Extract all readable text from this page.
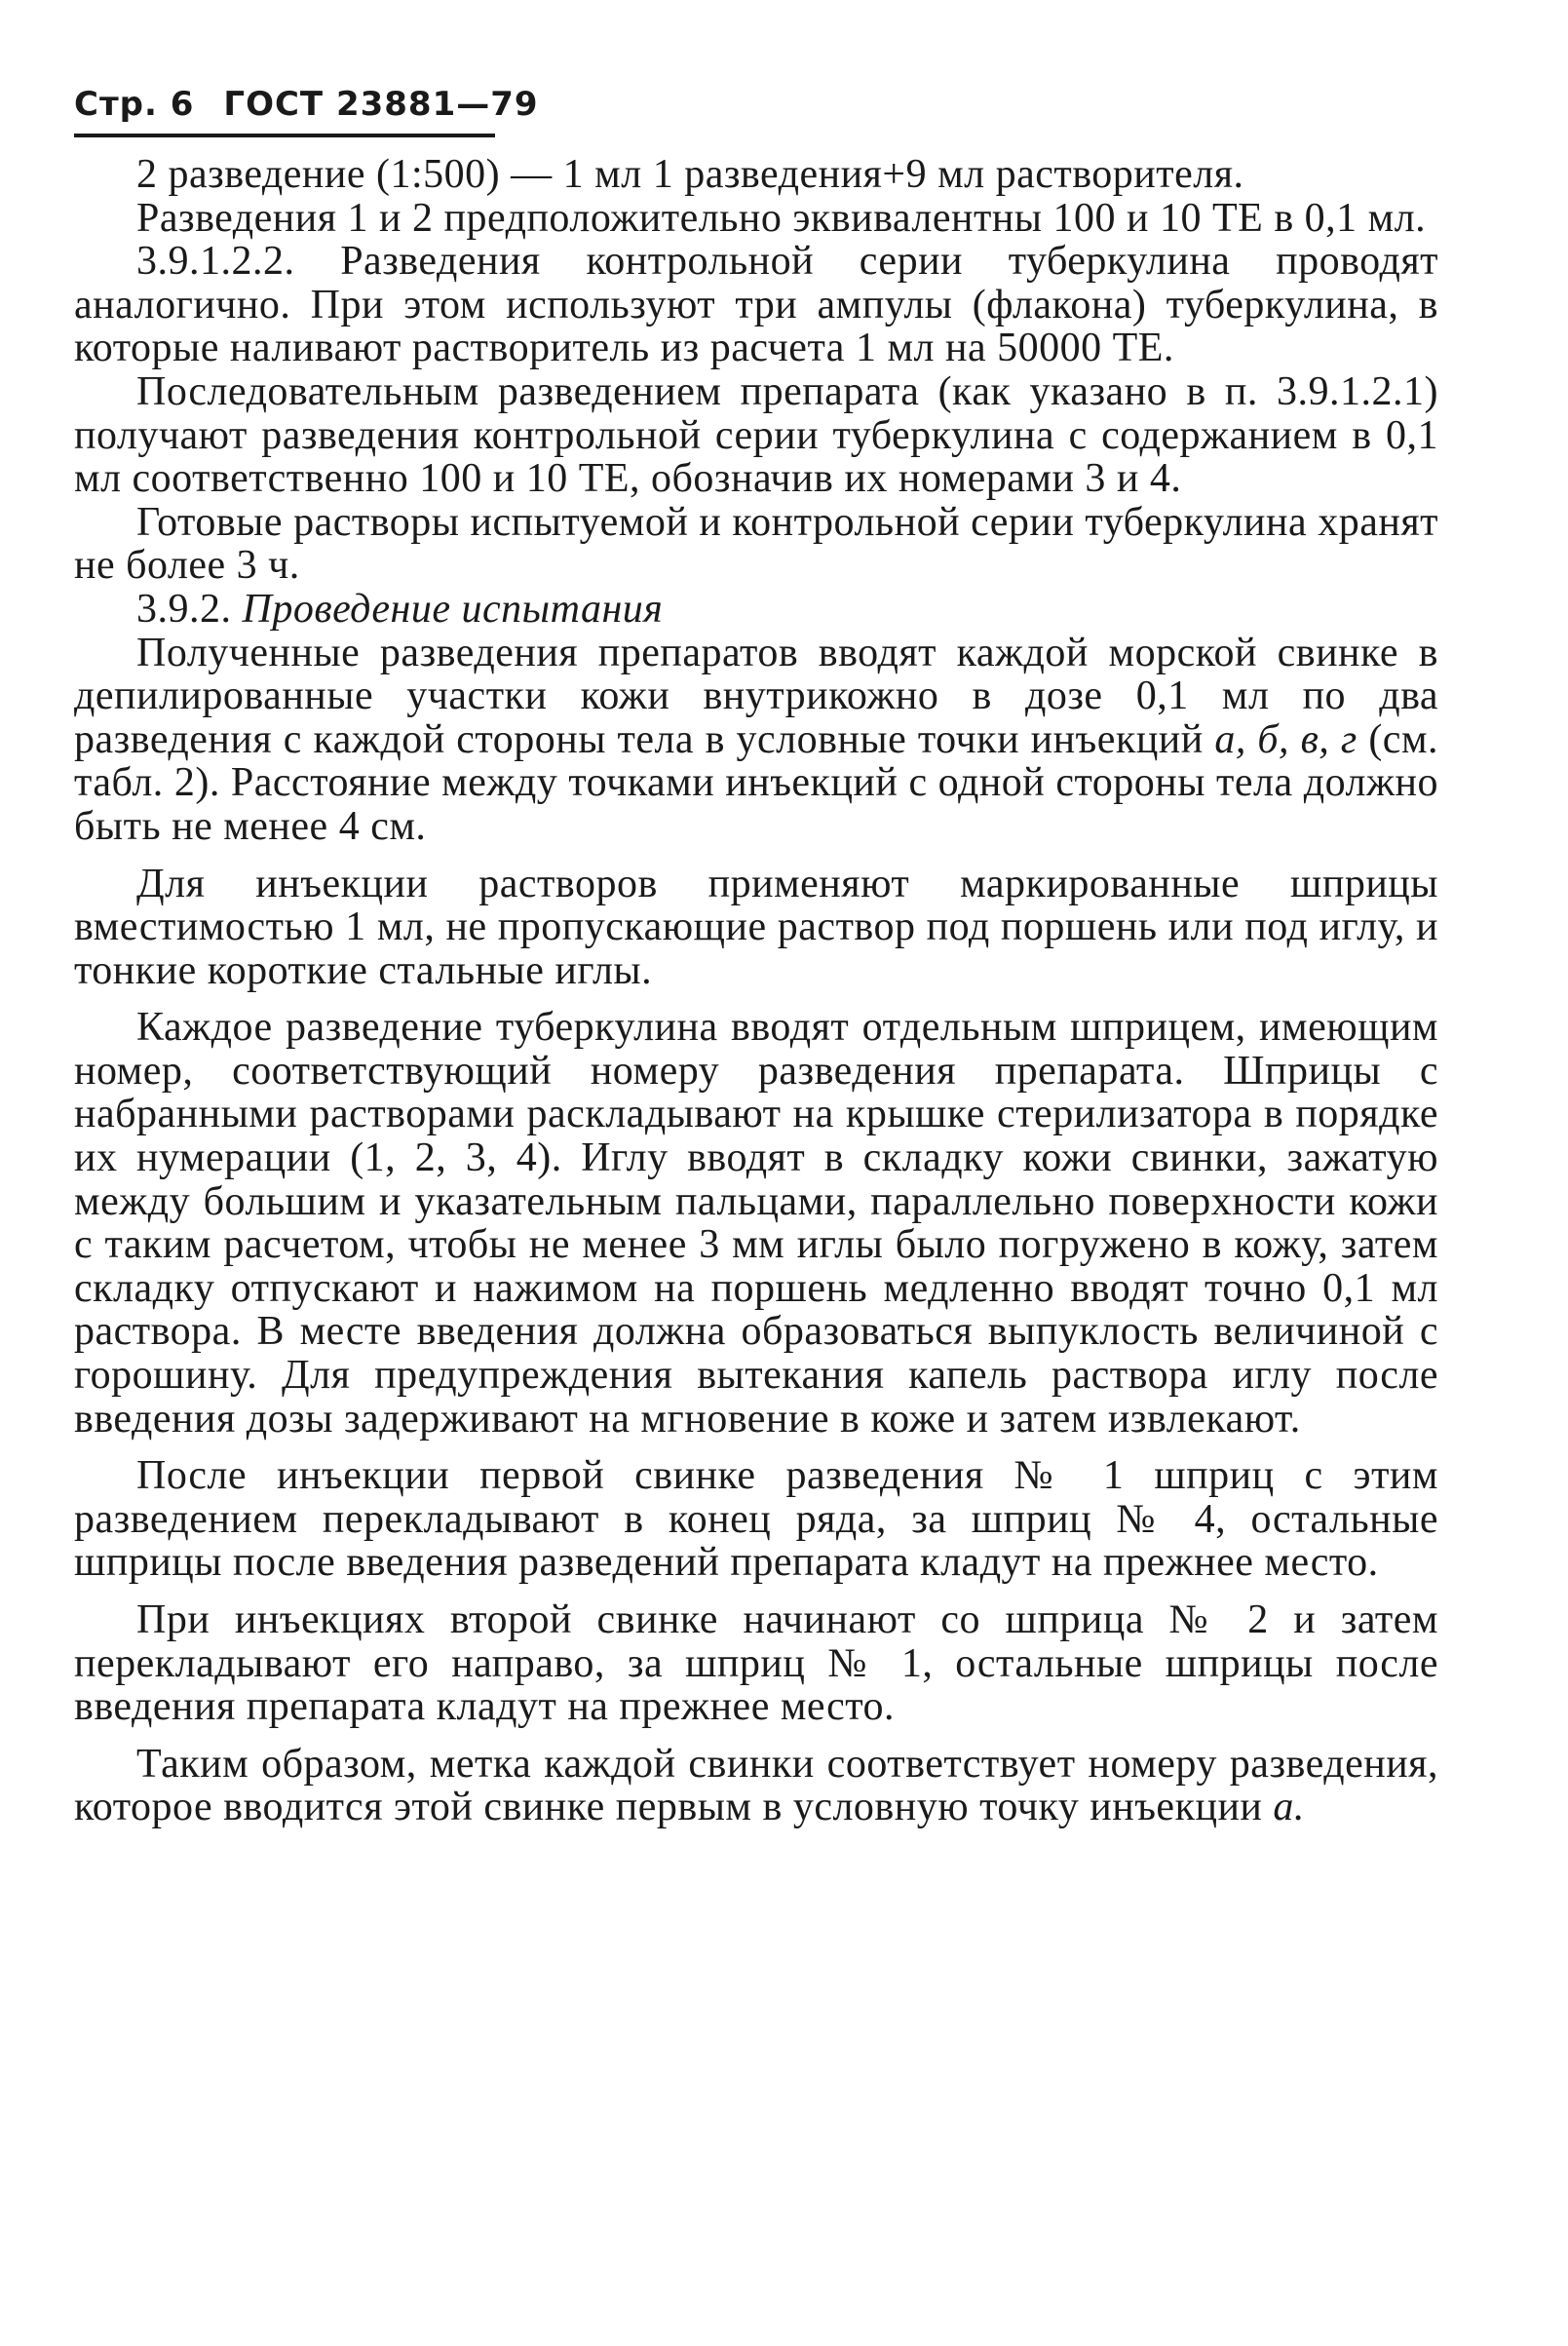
Стр. 6 ГОСТ 23881—79

2 разведение (1:500) — 1 мл 1 разведения+9 мл растворителя.

Разведения 1 и 2 предположительно эквивалентны 100 и 10 ТЕ в 0,1 мл.

3.9.1.2.2. Разведения контрольной серии туберкулина проводят аналогично. При этом используют три ампулы (флакона) туберкулина, в которые наливают растворитель из расчета 1 мл на 50000 ТЕ.

Последовательным разведением препарата (как указано в п. 3.9.1.2.1) получают разведения контрольной серии туберкулина с содержанием в 0,1 мл соответственно 100 и 10 ТЕ, обозначив их номерами 3 и 4.

Готовые растворы испытуемой и контрольной серии туберкулина хранят не более 3 ч.

3.9.2. Проведение испытания

Полученные разведения препаратов вводят каждой морской свинке в депилированные участки кожи внутрикожно в дозе 0,1 мл по два разведения с каждой стороны тела в условные точки инъекций а, б, в, г (см. табл. 2). Расстояние между точками инъекций с одной стороны тела должно быть не менее 4 см.

Для инъекции растворов применяют маркированные шприцы вместимостью 1 мл, не пропускающие раствор под поршень или под иглу, и тонкие короткие стальные иглы.

Каждое разведение туберкулина вводят отдельным шприцем, имеющим номер, соответствующий номеру разведения препарата. Шприцы с набранными растворами раскладывают на крышке стерилизатора в порядке их нумерации (1, 2, 3, 4). Иглу вводят в складку кожи свинки, зажатую между большим и указательным пальцами, параллельно поверхности кожи с таким расчетом, чтобы не менее 3 мм иглы было погружено в кожу, затем складку отпускают и нажимом на поршень медленно вводят точно 0,1 мл раствора. В месте введения должна образоваться выпуклость величиной с горошину. Для предупреждения вытекания капель раствора иглу после введения дозы задерживают на мгновение в коже и затем извлекают.

После инъекции первой свинке разведения № 1 шприц с этим разведением перекладывают в конец ряда, за шприц № 4, остальные шприцы после введения разведений препарата кладут на прежнее место.

При инъекциях второй свинке начинают со шприца № 2 и затем перекладывают его направо, за шприц № 1, остальные шприцы после введения препарата кладут на прежнее место.

Таким образом, метка каждой свинки соответствует номеру разведения, которое вводится этой свинке первым в условную точку инъекции а.
